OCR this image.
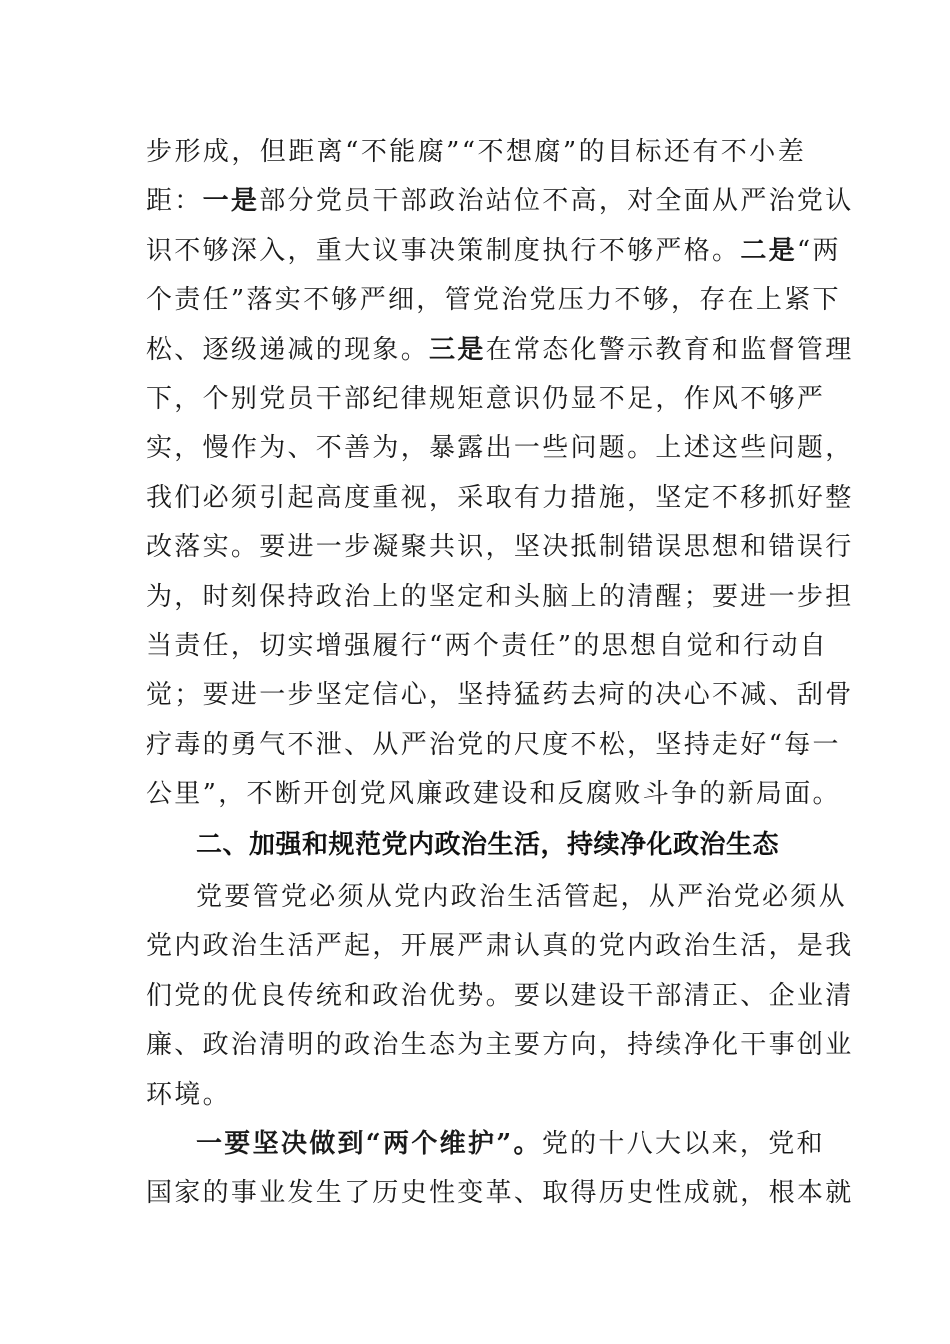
步形成，但距离“不能腐”“不想腐”的目标还有不小差
距：一是部分党员干部政治站位不高，对全面从严治党认
识不够深入，重大议事决策制度执行不够严格。二是“两
个责任”落实不够严细，管党治党压力不够，存在上紧下
松、逐级递减的现象。三是在常态化警示教育和监督管理
下，个别党员干部纪律规矩意识仍显不足，作风不够严
实，慢作为、不善为，暴露出一些问题。上述这些问题，
我们必须引起高度重视，采取有力措施，坚定不移抓好整
改落实。要进一步凝聚共识，坚决抵制错误思想和错误行
为，时刻保持政治上的坚定和头脑上的清醒；要进一步担
当责任，切实增强履行“两个责任”的思想自觉和行动自
觉；要进一步坚定信心，坚持猛药去疴的决心不减、刮骨
疗毒的勇气不泄、从严治党的尺度不松，坚持走好“每一
公里”，不断开创党风廉政建设和反腐败斗争的新局面。
二、加强和规范党内政治生活，持续净化政治生态
党要管党必须从党内政治生活管起，从严治党必须从
党内政治生活严起，开展严肃认真的党内政治生活，是我
们党的优良传统和政治优势。要以建设干部清正、企业清
廉、政治清明的政治生态为主要方向，持续净化干事创业
环境。
一要坚决做到“两个维护”。党的十八大以来，党和
国家的事业发生了历史性变革、取得历史性成就，根本就
